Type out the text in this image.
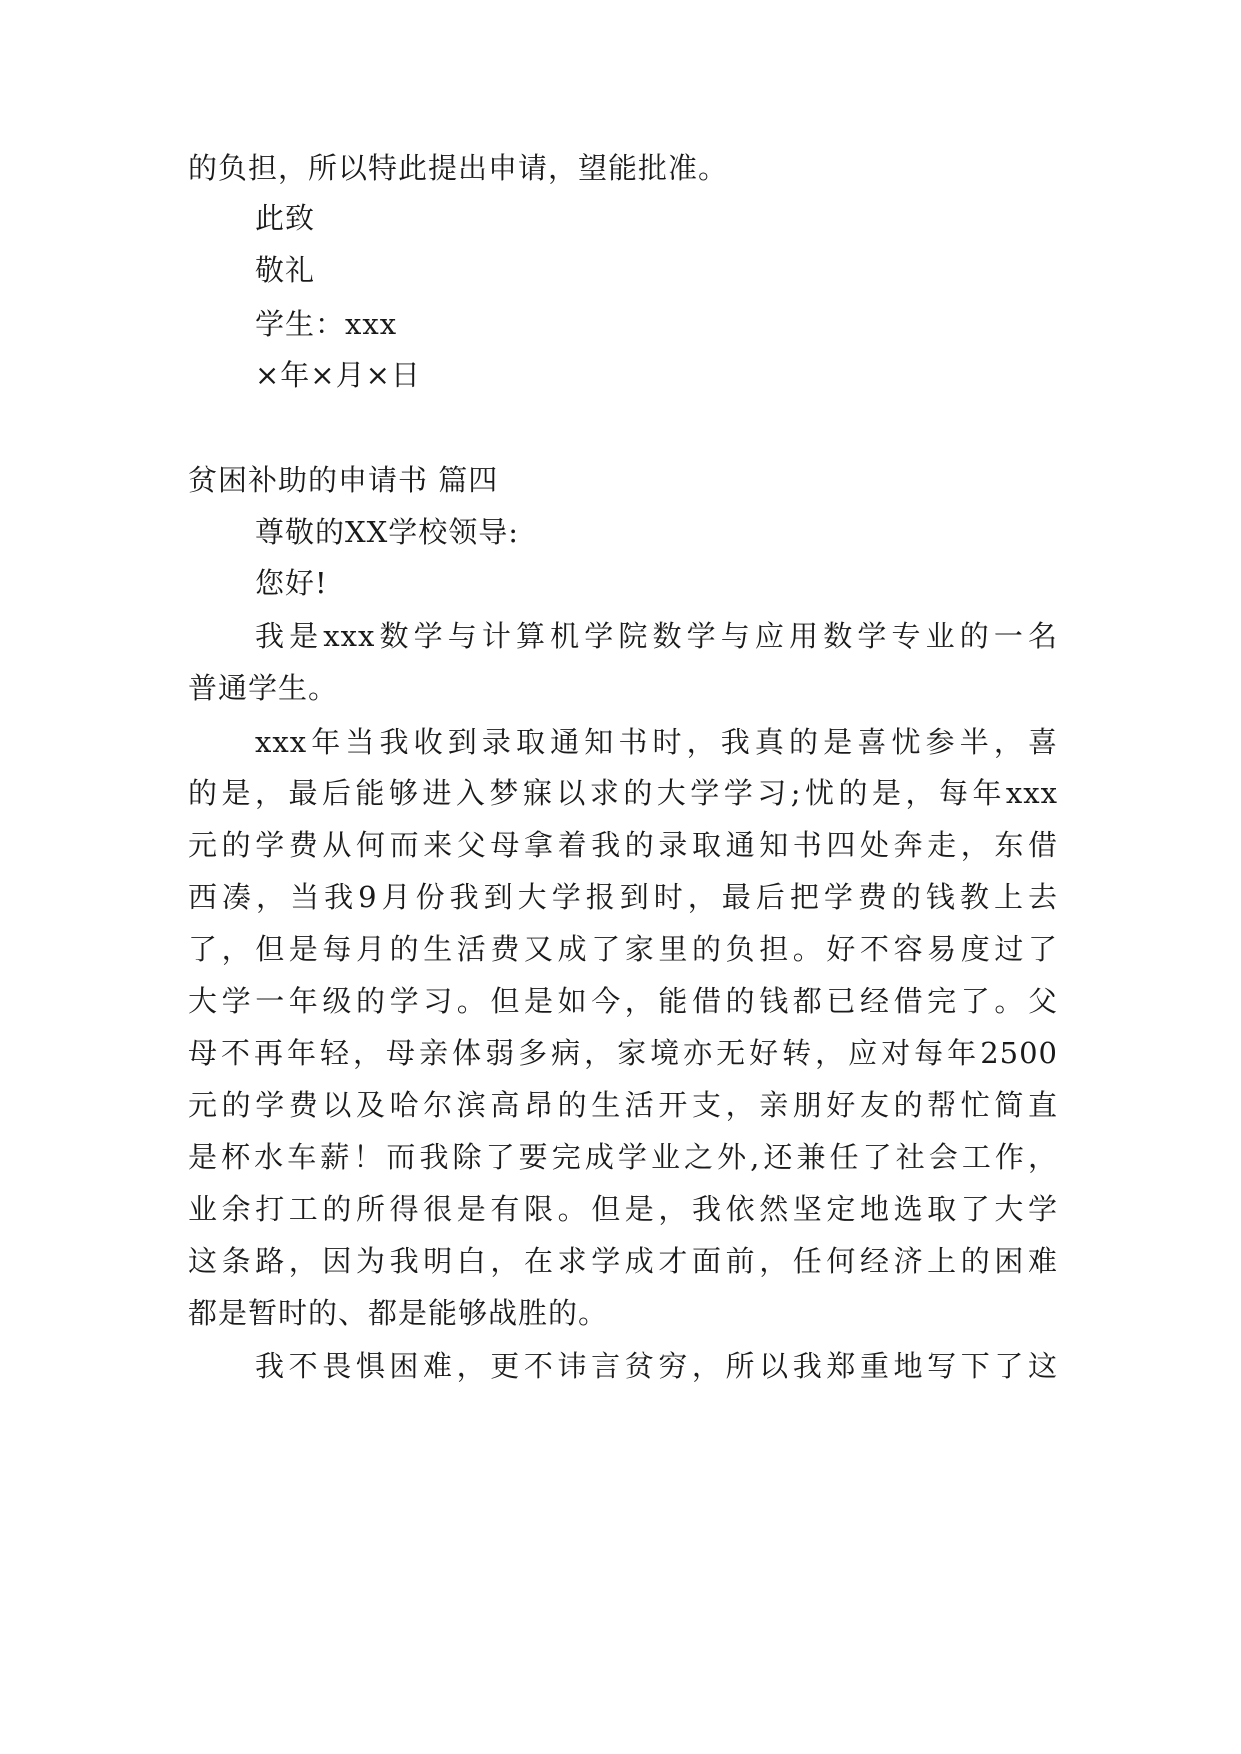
的负担，所以特此提出申请，望能批准。
此致
敬礼
学生：xxx
×年×月×日
贫困补助的申请书 篇四
尊敬的XX学校领导:
您好!
我是xxx数学与计算机学院数学与应用数学专业的一名
普通学生。
xxx年当我收到录取通知书时，我真的是喜忧参半，喜
的是，最后能够进入梦寐以求的大学学习;忧的是，每年xxx
元的学费从何而来父母拿着我的录取通知书四处奔走，东借
西凑，当我9月份我到大学报到时，最后把学费的钱教上去
了，但是每月的生活费又成了家里的负担。好不容易度过了
大学一年级的学习。但是如今，能借的钱都已经借完了。父
母不再年轻，母亲体弱多病，家境亦无好转，应对每年2500
元的学费以及哈尔滨高昂的生活开支，亲朋好友的帮忙简直
是杯水车薪！而我除了要完成学业之外,还兼任了社会工作，
业余打工的所得很是有限。但是，我依然坚定地选取了大学
这条路，因为我明白，在求学成才面前，任何经济上的困难
都是暂时的、都是能够战胜的。
我不畏惧困难，更不讳言贫穷，所以我郑重地写下了这
